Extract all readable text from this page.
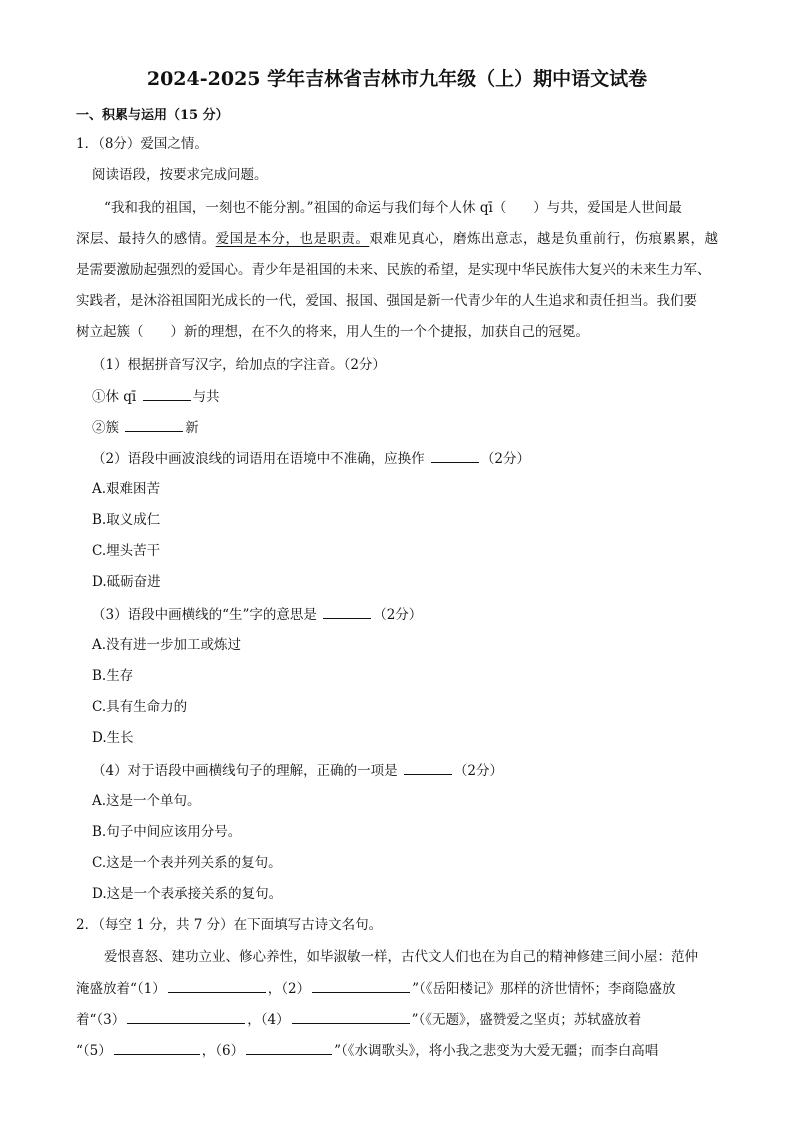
2024-2025 学年吉林省吉林市九年级（上）期中语文试卷
一、积累与运用（15 分）
1．（8分）爱国之情。
阅读语段，按要求完成问题。
“我和我的祖国，一刻也不能分割。”祖国的命运与我们每个人休 qī（　　）与共，爱国是人世间最
深层、最持久的感情。爱国是本分，也是职责。艰难见真心，磨炼出意志，越是负重前行，伤痕累累，越
是需要激励起强烈的爱国心。青少年是祖国的未来、民族的希望，是实现中华民族伟大复兴的未来生力军、
实践者，是沐浴祖国阳光成长的一代，爱国、报国、强国是新一代青少年的人生追求和责任担当。我们要
树立起簇（　　）新的理想，在不久的将来，用人生的一个个捷报，加获自己的冠冕。
（1）根据拼音写汉字，给加点的字注音。（2分）
①休 qī	与共
②簇	新
（2）语段中画波浪线的词语用在语境中不准确，应换作	（2分）
A.艰难困苦
B.取义成仁
C.埋头苦干
D.砥砺奋进
（3）语段中画横线的“生”字的意思是	（2分）
A.没有进一步加工或炼过
B.生存
C.具有生命力的
D.生长
（4）对于语段中画横线句子的理解，正确的一项是	（2分）
A.这是一个单句。
B.句子中间应该用分号。
C.这是一个表并列关系的复句。
D.这是一个表承接关系的复句。
2．（每空 1 分，共 7 分）在下面填写古诗文名句。
爱恨喜怒、建功立业、修心养性，如毕淑敏一样，古代文人们也在为自己的精神修建三间小屋：范仲
淹盛放着“（1）	，（2）	”（《岳阳楼记》那样的济世情怀；李商隐盛放
着“（3）	，（4）	”（《无题》，盛赞爱之坚贞；苏轼盛放着
“（5）	，（6）	”（《水调歌头》，将小我之悲变为大爱无疆；而李白高唱
